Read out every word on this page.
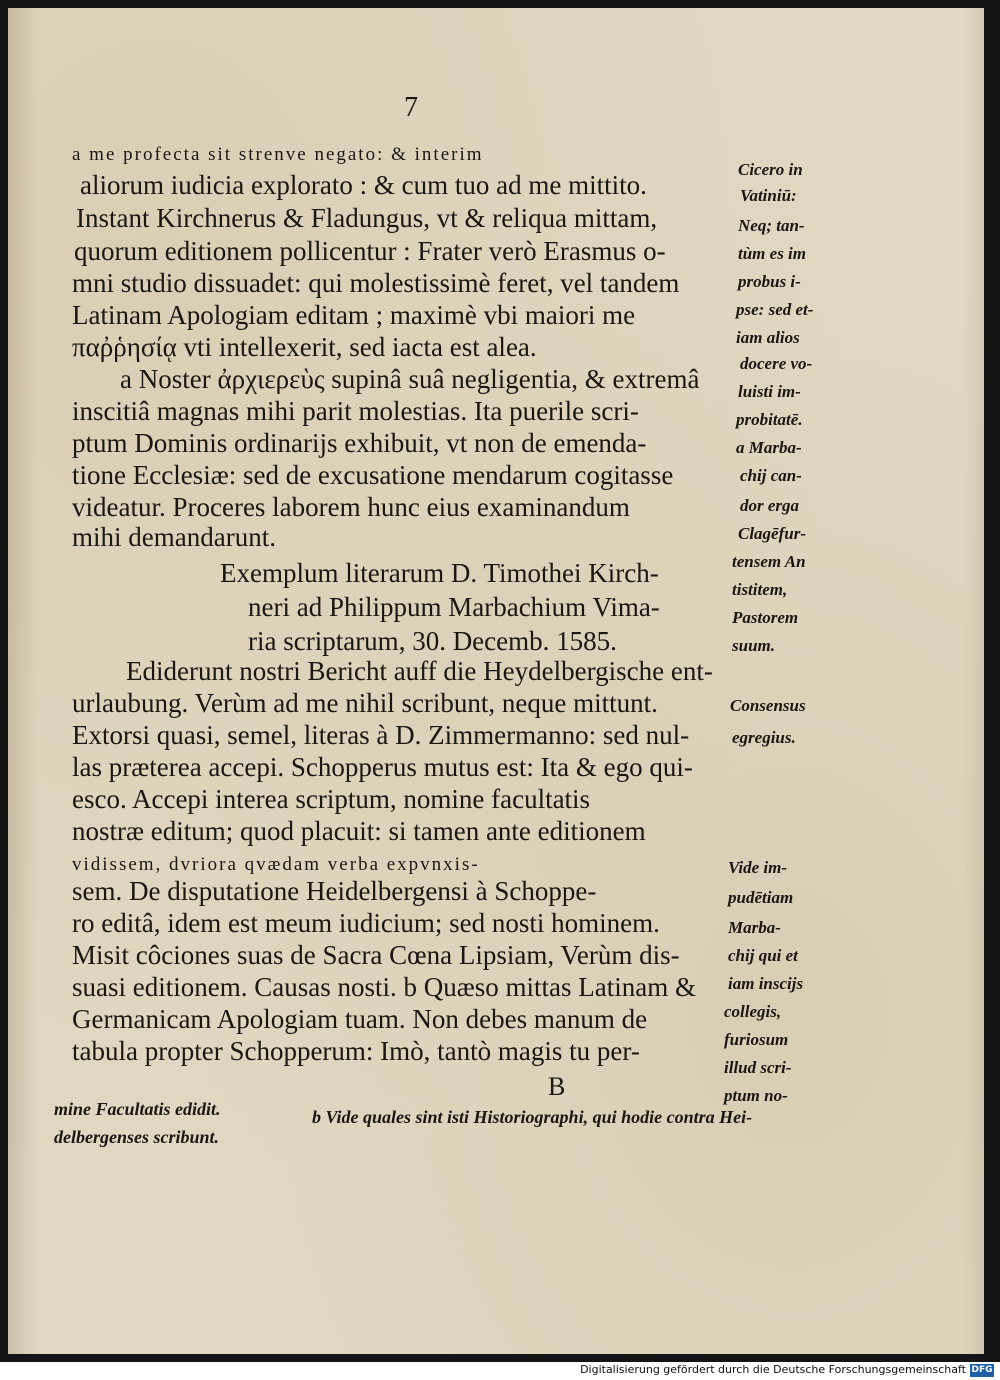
7
a me profecta sit strenve negato: & interim
aliorum iudicia explorato : & cum tuo ad me mittito.
Instant Kirchnerus & Fladungus, vt & reliqua mittam,
quorum editionem pollicentur : Frater verò Erasmus o-
mni studio dissuadet: qui molestissimè feret, vel tandem
Latinam Apologiam editam ; maximè vbi maiori me
παῤῥησίᾳ vti intellexerit, sed iacta est alea.
a Noster ἀρχιερεὺς supinâ suâ negligentia, & extremâ
inscitiâ magnas mihi parit molestias. Ita puerile scri-
ptum Dominis ordinarijs exhibuit, vt non de emenda-
tione Ecclesiæ: sed de excusatione mendarum cogitasse
videatur. Proceres laborem hunc eius examinandum
mihi demandarunt.
Exemplum literarum D. Timothei Kirch-
neri ad Philippum Marbachium Vima-
ria scriptarum, 30. Decemb. 1585.
Ediderunt nostri Bericht auff die Heydelbergische ent-
urlaubung. Verùm ad me nihil scribunt, neque mittunt.
Extorsi quasi, semel, literas à D. Zimmermanno: sed nul-
las præterea accepi. Schopperus mutus est: Ita & ego qui-
esco. Accepi interea scriptum, nomine facultatis
nostræ editum; quod placuit: si tamen ante editionem
vidissem, dvriora qvædam verba expvnxis-
sem. De disputatione Heidelbergensi à Schoppe-
ro editâ, idem est meum iudicium; sed nosti hominem.
Misit côciones suas de Sacra Cœna Lipsiam, Verùm dis-
suasi editionem. Causas nosti. b Quæso mittas Latinam &
Germanicam Apologiam tuam. Non debes manum de
tabula propter Schopperum: Imò, tantò magis tu per-
Cicero in
Vatiniū:
Neq; tan-
tùm es im
probus i-
pse: sed et-
iam alios
docere vo-
luisti im-
probitatē.
a Marba-
chij can-
dor erga
Clagēfur-
tensem An
tistitem,
Pastorem
suum.
Consensus
egregius.
Vide im-
pudētiam
Marba-
chij qui et
iam inscijs
collegis,
furiosum
illud scri-
ptum no-
B
mine Facultatis edidit.
delbergenses scribunt.
b Vide quales sint isti Historiographi, qui hodie contra Hei-
Digitalisierung gefördert durch die Deutsche Forschungsgemeinschaft DFG
